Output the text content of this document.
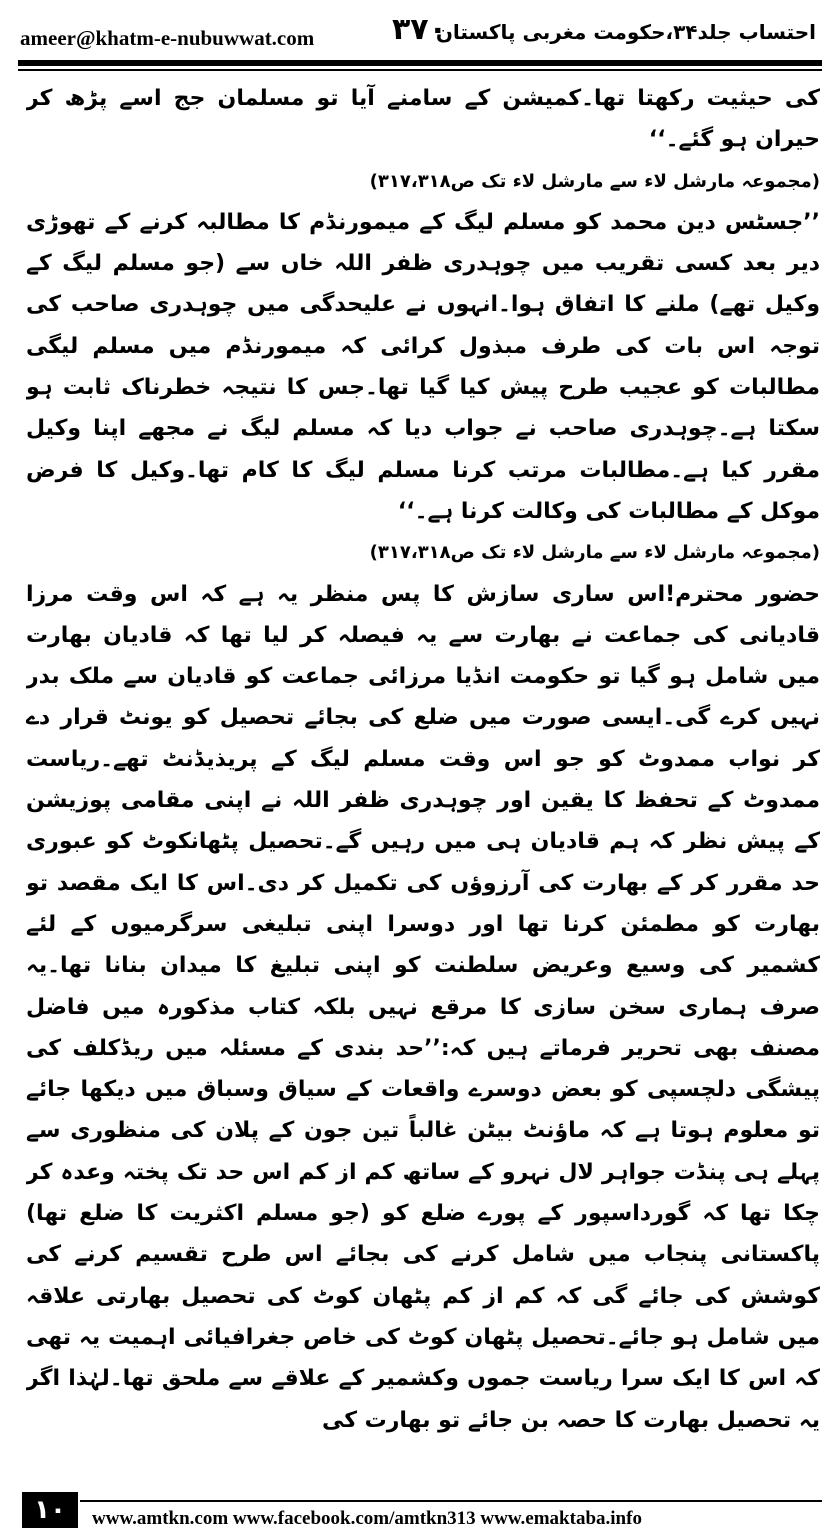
ameer@khatm-e-nubuwwat.com	۳۷۰
احتساب جلد۳۴،حکومت مغربی پاکستان

کی حیثیت رکھتا تھا۔کمیشن کے سامنے آیا تو مسلمان جج اسے پڑھ کر حیران ہو گئے۔‘‘

(مجموعہ مارشل لاء سے مارشل لاء تک ص۳۱۷،۳۱۸)

’’جسٹس دین محمد کو مسلم لیگ کے میمورنڈم کا مطالبہ کرنے کے تھوڑی دیر بعد کسی تقریب میں چوہدری ظفر اللہ خاں سے (جو مسلم لیگ کے وکیل تھے) ملنے کا اتفاق ہوا۔انہوں نے علیحدگی میں چوہدری صاحب کی توجہ اس بات کی طرف مبذول کرائی کہ میمورنڈم میں مسلم لیگی مطالبات کو عجیب طرح پیش کیا گیا تھا۔جس کا نتیجہ خطرناک ثابت ہو سکتا ہے۔چوہدری صاحب نے جواب دیا کہ مسلم لیگ نے مجھے اپنا وکیل مقرر کیا ہے۔مطالبات مرتب کرنا مسلم لیگ کا کام تھا۔وکیل کا فرض موکل کے مطالبات کی وکالت کرنا ہے۔‘‘

(مجموعہ مارشل لاء سے مارشل لاء تک ص۳۱۷،۳۱۸)

حضور محترم!اس ساری سازش کا پس منظر یہ ہے کہ اس وقت مرزا قادیانی کی جماعت نے بھارت سے یہ فیصلہ کر لیا تھا کہ قادیان بھارت میں شامل ہو گیا تو حکومت انڈیا مرزائی جماعت کو قادیان سے ملک بدر نہیں کرے گی۔ایسی صورت میں ضلع کی بجائے تحصیل کو یونٹ قرار دے کر نواب ممدوٹ کو جو اس وقت مسلم لیگ کے پریذیڈنٹ تھے۔ریاست ممدوٹ کے تحفظ کا یقین اور چوہدری ظفر اللہ نے اپنی مقامی پوزیشن کے پیش نظر کہ ہم قادیان ہی میں رہیں گے۔تحصیل پٹھانکوٹ کو عبوری حد مقرر کر کے بھارت کی آرزوؤں کی تکمیل کر دی۔اس کا ایک مقصد تو بھارت کو مطمئن کرنا تھا اور دوسرا اپنی تبلیغی سرگرمیوں کے لئے کشمیر کی وسیع وعریض سلطنت کو اپنی تبلیغ کا میدان بنانا تھا۔یہ صرف ہماری سخن سازی کا مرقع نہیں بلکہ کتاب مذکورہ میں فاضل مصنف بھی تحریر فرماتے ہیں کہ:’’حد بندی کے مسئلہ میں ریڈکلف کی پیشگی دلچسپی کو بعض دوسرے واقعات کے سیاق وسباق میں دیکھا جائے تو معلوم ہوتا ہے کہ ماؤنٹ بیٹن غالباً تین جون کے پلان کی منظوری سے پہلے ہی پنڈت جواہر لال نہرو کے ساتھ کم از کم اس حد تک پختہ وعدہ کر چکا تھا کہ گورداسپور کے پورے ضلع کو (جو مسلم اکثریت کا ضلع تھا) پاکستانی پنجاب میں شامل کرنے کی بجائے اس طرح تقسیم کرنے کی کوشش کی جائے گی کہ کم از کم پٹھان کوٹ کی تحصیل بھارتی علاقہ میں شامل ہو جائے۔تحصیل پٹھان کوٹ کی خاص جغرافیائی اہمیت یہ تھی کہ اس کا ایک سرا ریاست جموں وکشمیر کے علاقے سے ملحق تھا۔لہٰذا اگر یہ تحصیل بھارت کا حصہ بن جائے تو بھارت کی

۱۰	www.amtkn.com www.facebook.com/amtkn313 www.emaktaba.info
